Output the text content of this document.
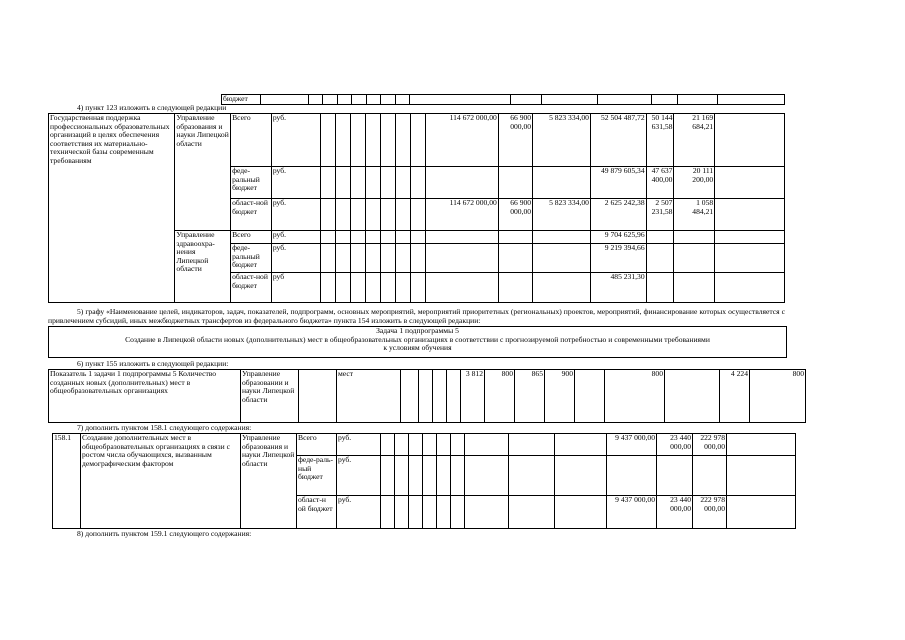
		бюджет															
4) пункт 123 изложить в следующей редакции
Государственная поддержка профессиональных образовательных организаций в целях обеспечения соответствия их материально-технической базы современным требованиям	Управление образования и науки Липецкой области	Всего	руб.								114 672 000,00	66 900 000,00	5 823 334,00	52 504 487,72	50 144 631,58	21 169 684,21	
		феде-ральный бюджет	руб.											49 879 605,34	47 637 400,00	20 111 200,00	
		област-ной бюджет	руб.								114 672 000,00	66 900 000,00	5 823 334,00	2 625 242,38	2 507 231,58	1 058 484,21	
	Управление здравоохра-нения Липецкой области	Всего	руб.											9 704 625,96			
		феде-ральный бюджет	руб.											9 219 394,66			
		област-ной бюджет	руб											485 231,30			
5) графу «Наименование целей, индикаторов, задач, показателей, подпрограмм, основных мероприятий, мероприятий приоритетных (региональных) проектов, мероприятий, финансирование которых осуществляется с привлечением субсидий, иных межбюджетных трансфертов из федерального бюджета» пункта 154 изложить в следующей редакции:
Задача 1 подпрограммы 5
Создание в Липецкой области новых (дополнительных) мест в общеобразовательных организациях в соответствии с прогнозируемой потребностью и современными требованиями
к условиям обучения
6) пункт 155 изложить в следующей редакции:
Показатель 1 задачи 1 подпрограммы 5 Количество созданных новых (дополнительных) мест в общеобразовательных организациях	Управление образовании и науки Липецкой области		мест					3 812	800	865	900		800		4 224	800
7) дополнить пунктом 158.1 следующего содержания:
158.1	Создание дополнительных мест в общеобразовательных организациях в связи с ростом числа обучающихся, вызванным демографическим фактором	Управление образования и науки Липецкой области	Всего	руб.										9 437 000,00	23 440 000,00	222 978 000,00	
			феде-раль-ный бюджет	руб.													
			област-н ой бюджет	руб.										9 437 000,00	23 440 000,00	222 978 000,00	
8) дополнить пунктом 159.1 следующего содержания:
